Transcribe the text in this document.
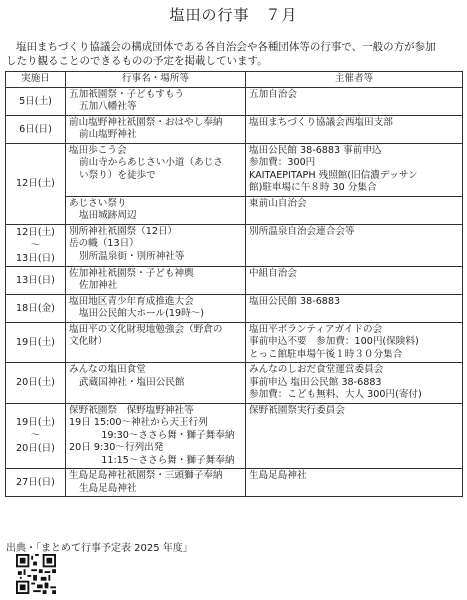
塩田の行事　７月
塩田まちづくり協議会の構成団体である各自治会や各種団体等の行事で、一般の方が参加
したり観ることのできるものの予定を掲載しています。
実施日	行事名・場所等	主催者等

5日(土)	五加祇園祭・子どもすもう
五加八幡社等	五加自治会

6日(日)	前山塩野神社祇園祭・おはやし奉納
前山塩野神社	塩田まちづくり協議会西塩田支部

12日(土)	塩田歩こう会
前山寺からあじさい小道（あじさ
い祭り）を徒歩で	塩田公民館 38-6883 事前申込
参加費：300円
KAITAEPITAPH 残照館(旧信濃デッサン
館)駐車場に午８時 30 分集合

	あじさい祭り
塩田城跡周辺	東前山自治会

12日(土)
～
13日(日)	別所神社祇園祭（12日）
岳の幟（13日）
別所温泉街・別所神社等	別所温泉自治会連合会等

13日(日)	佐加神社祇園祭・子ども神輿
佐加神社	中組自治会

18日(金)	塩田地区青少年育成推進大会
塩田公民館大ホール(19時～)	塩田公民館 38-6883

19日(土)	塩田平の文化財現地勉強会（野倉の
文化財）	塩田平ボランティアガイドの会
事前申込不要　参加費：100円(保険料)
とっこ館駐車場午後１時３０分集合

20日(土)	みんなの塩田食堂
武蔵国神社・塩田公民館	みんなのしおだ食堂運営委員会
事前申込 塩田公民館 38-6883
参加費：こども無料、大人 300円(寄付)

19日(土)
～
20日(日)	保野祇園祭　保野塩野神社等
19日 15:00～神社から天王行列
　　 19:30～ささら舞・獅子舞奉納
20日 9:30～行列出発
　　 11:15～ささら舞・獅子舞奉納	保野祇園祭実行委員会

27日(日)	生島足島神社祇園祭・三頭獅子奉納
生島足島神社	生島足島神社
出典・「まとめて行事予定表 2025 年度」
